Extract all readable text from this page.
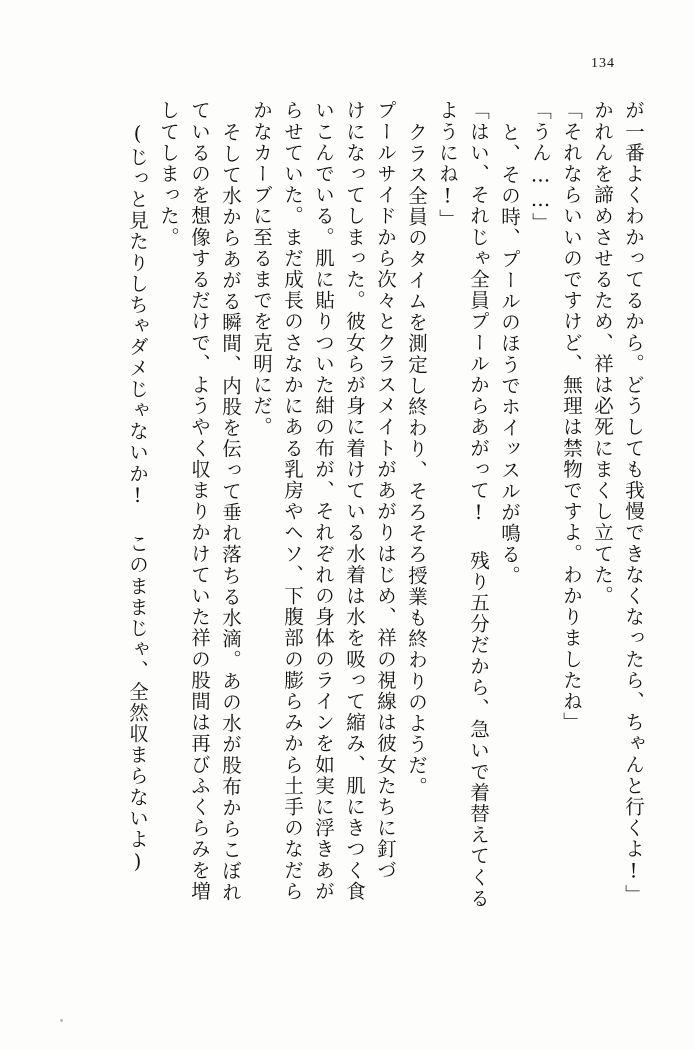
134
が一番よくわかってるから。どうしても我慢できなくなったら、ちゃんと行くよ!」
かれんを諦めさせるため、祥は必死にまくし立てた。
「それならいいのですけど、無理は禁物ですよ。わかりましたね」
「うん……」
と、その時、プールのほうでホイッスルが鳴る。
「はい、それじゃ全員プールからあがって! 残り五分だから、急いで着替えてくる
ようにね!」
クラス全員のタイムを測定し終わり、そろそろ授業も終わりのようだ。
プールサイドから次々とクラスメイトがあがりはじめ、祥の視線は彼女たちに釘づ
けになってしまった。彼女らが身に着けている水着は水を吸って縮み、肌にきつく食
いこんでいる。肌に貼りついた紺の布が、それぞれの身体のラインを如実に浮きあが
らせていた。まだ成長のさなかにある乳房やヘソ、下腹部の膨らみから土手のなだら
かなカーブに至るまでを克明にだ。
そして水からあがる瞬間、内股を伝って垂れ落ちる水滴。あの水が股布からこぼれ
ているのを想像するだけで、ようやく収まりかけていた祥の股間は再びふくらみを増
してしまった。
(じっと見たりしちゃダメじゃないか! このままじゃ、全然収まらないよ)
